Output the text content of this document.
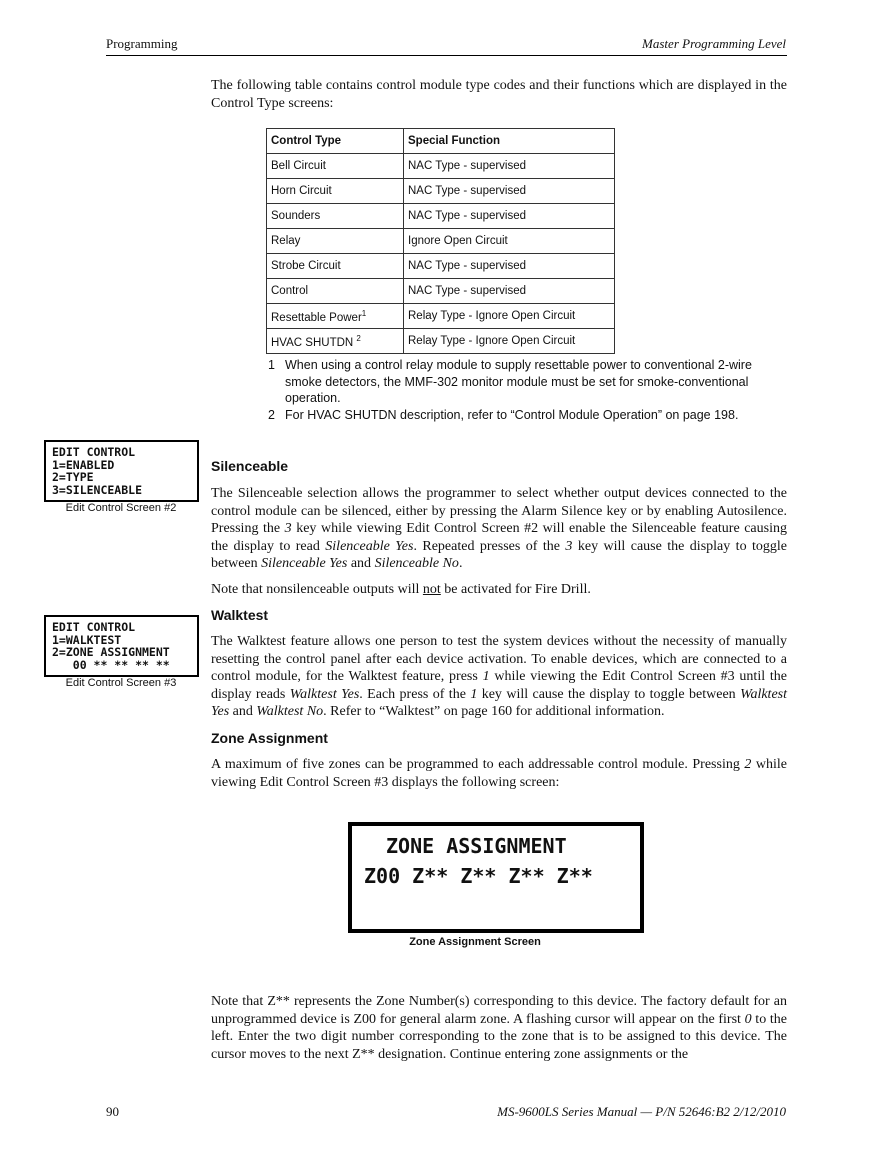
Programming	Master Programming Level

The following table contains control module type codes and their functions which are displayed in the Control Type screens:

Control Type	Special Function
Bell Circuit	NAC Type - supervised
Horn Circuit	NAC Type - supervised
Sounders	NAC Type - supervised
Relay	Ignore Open Circuit
Strobe Circuit	NAC Type - supervised
Control	NAC Type - supervised
Resettable Power$^1$	Relay Type - Ignore Open Circuit
HVAC SHUTDN $^2$	Relay Type - Ignore Open Circuit
1 When using a control relay module to supply resettable power to conventional 2-wire smoke detectors, the MMF-302 monitor module must be set for smoke-conventional operation.
2 For HVAC SHUTDN description, refer to “Control Module Operation” on page 198.
EDIT CONTROL
1=ENABLED
2=TYPE
3=SILENCEABLE
Edit Control Screen #2
Silenceable

The Silenceable selection allows the programmer to select whether output devices connected to the control module can be silenced, either by pressing the Alarm Silence key or by enabling Autosilence. Pressing the 3 key while viewing Edit Control Screen #2 will enable the Silenceable feature causing the display to read Silenceable Yes. Repeated presses of the 3 key will cause the display to toggle between Silenceable Yes and Silenceable No.

Note that nonsilenceable outputs will not be activated for Fire Drill.

EDIT CONTROL
1=WALKTEST
2=ZONE ASSIGNMENT
00 ** ** ** **
Edit Control Screen #3
Walktest

The Walktest feature allows one person to test the system devices without the necessity of manually resetting the control panel after each device activation. To enable devices, which are connected to a control module, for the Walktest feature, press 1 while viewing the Edit Control Screen #3 until the display reads Walktest Yes. Each press of the 1 key will cause the display to toggle between Walktest Yes and Walktest No. Refer to “Walktest” on page 160 for additional information.

Zone Assignment

A maximum of five zones can be programmed to each addressable control module. Pressing 2 while viewing Edit Control Screen #3 displays the following screen:

ZONE ASSIGNMENT
Z00 Z** Z** Z** Z**
Zone Assignment Screen

Note that Z** represents the Zone Number(s) corresponding to this device. The factory default for an unprogrammed device is Z00 for general alarm zone. A flashing cursor will appear on the first 0 to the left. Enter the two digit number corresponding to the zone that is to be assigned to this device. The cursor moves to the next Z** designation. Continue entering zone assignments or the

90	MS-9600LS Series Manual — P/N 52646:B2 2/12/2010
